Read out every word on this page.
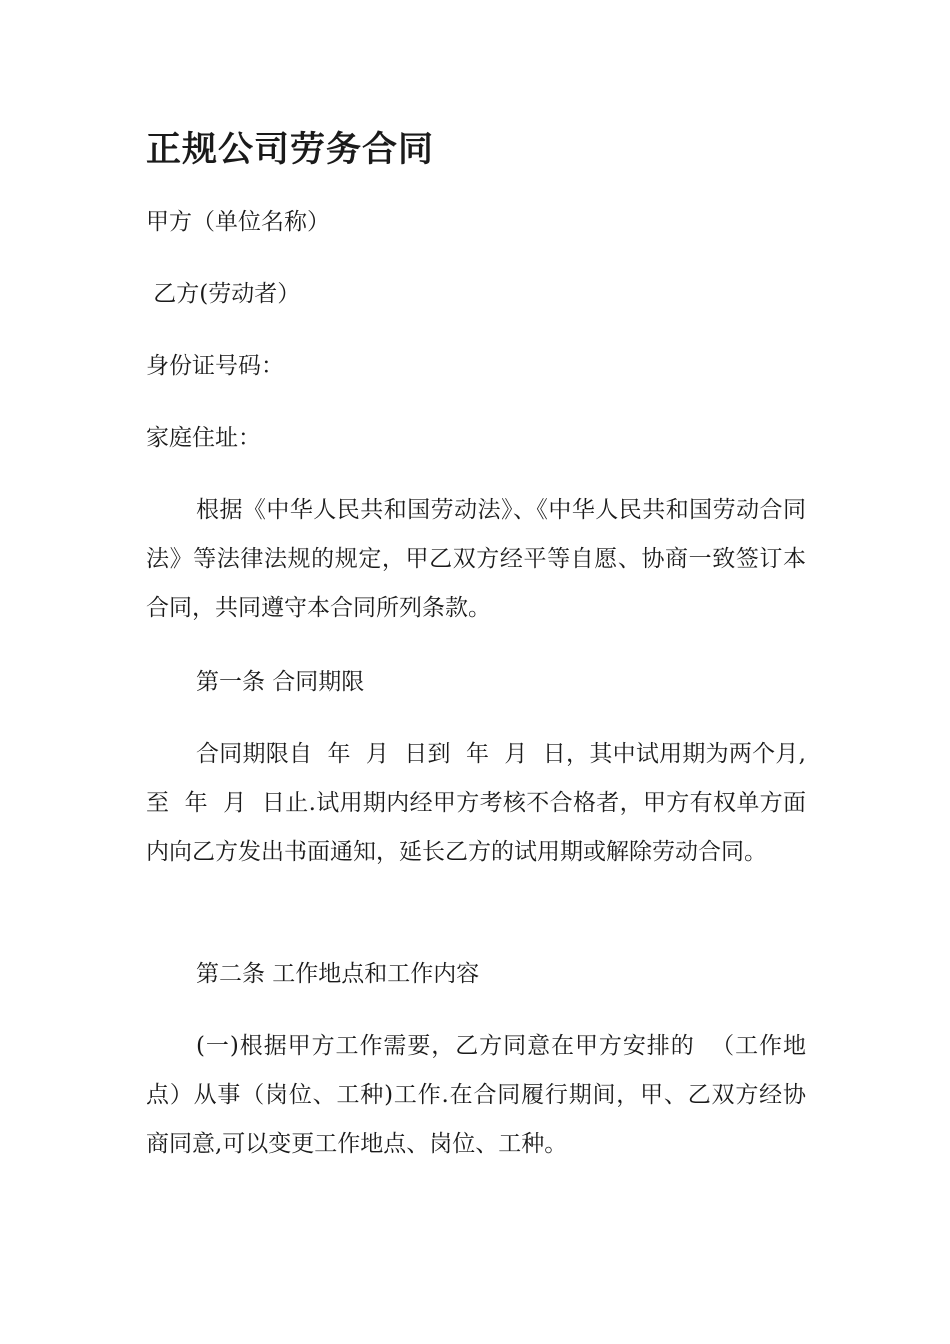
正规公司劳务合同

甲方（单位名称）

乙方(劳动者）

身份证号码：

家庭住址：

根据《中华人民共和国劳动法》、《中华人民共和国劳动合同法》等法律法规的规定，甲乙双方经平等自愿、协商一致签订本合同，共同遵守本合同所列条款。

第一条 合同期限

合同期限自  年  月  日到  年  月  日，其中试用期为两个月,至  年  月  日止.试用期内经甲方考核不合格者，甲方有权单方面内向乙方发出书面通知，延长乙方的试用期或解除劳动合同。

第二条 工作地点和工作内容

(一)根据甲方工作需要，乙方同意在甲方安排的  （工作地点）从事（岗位、工种)工作.在合同履行期间，甲、乙双方经协商同意,可以变更工作地点、岗位、工种。
